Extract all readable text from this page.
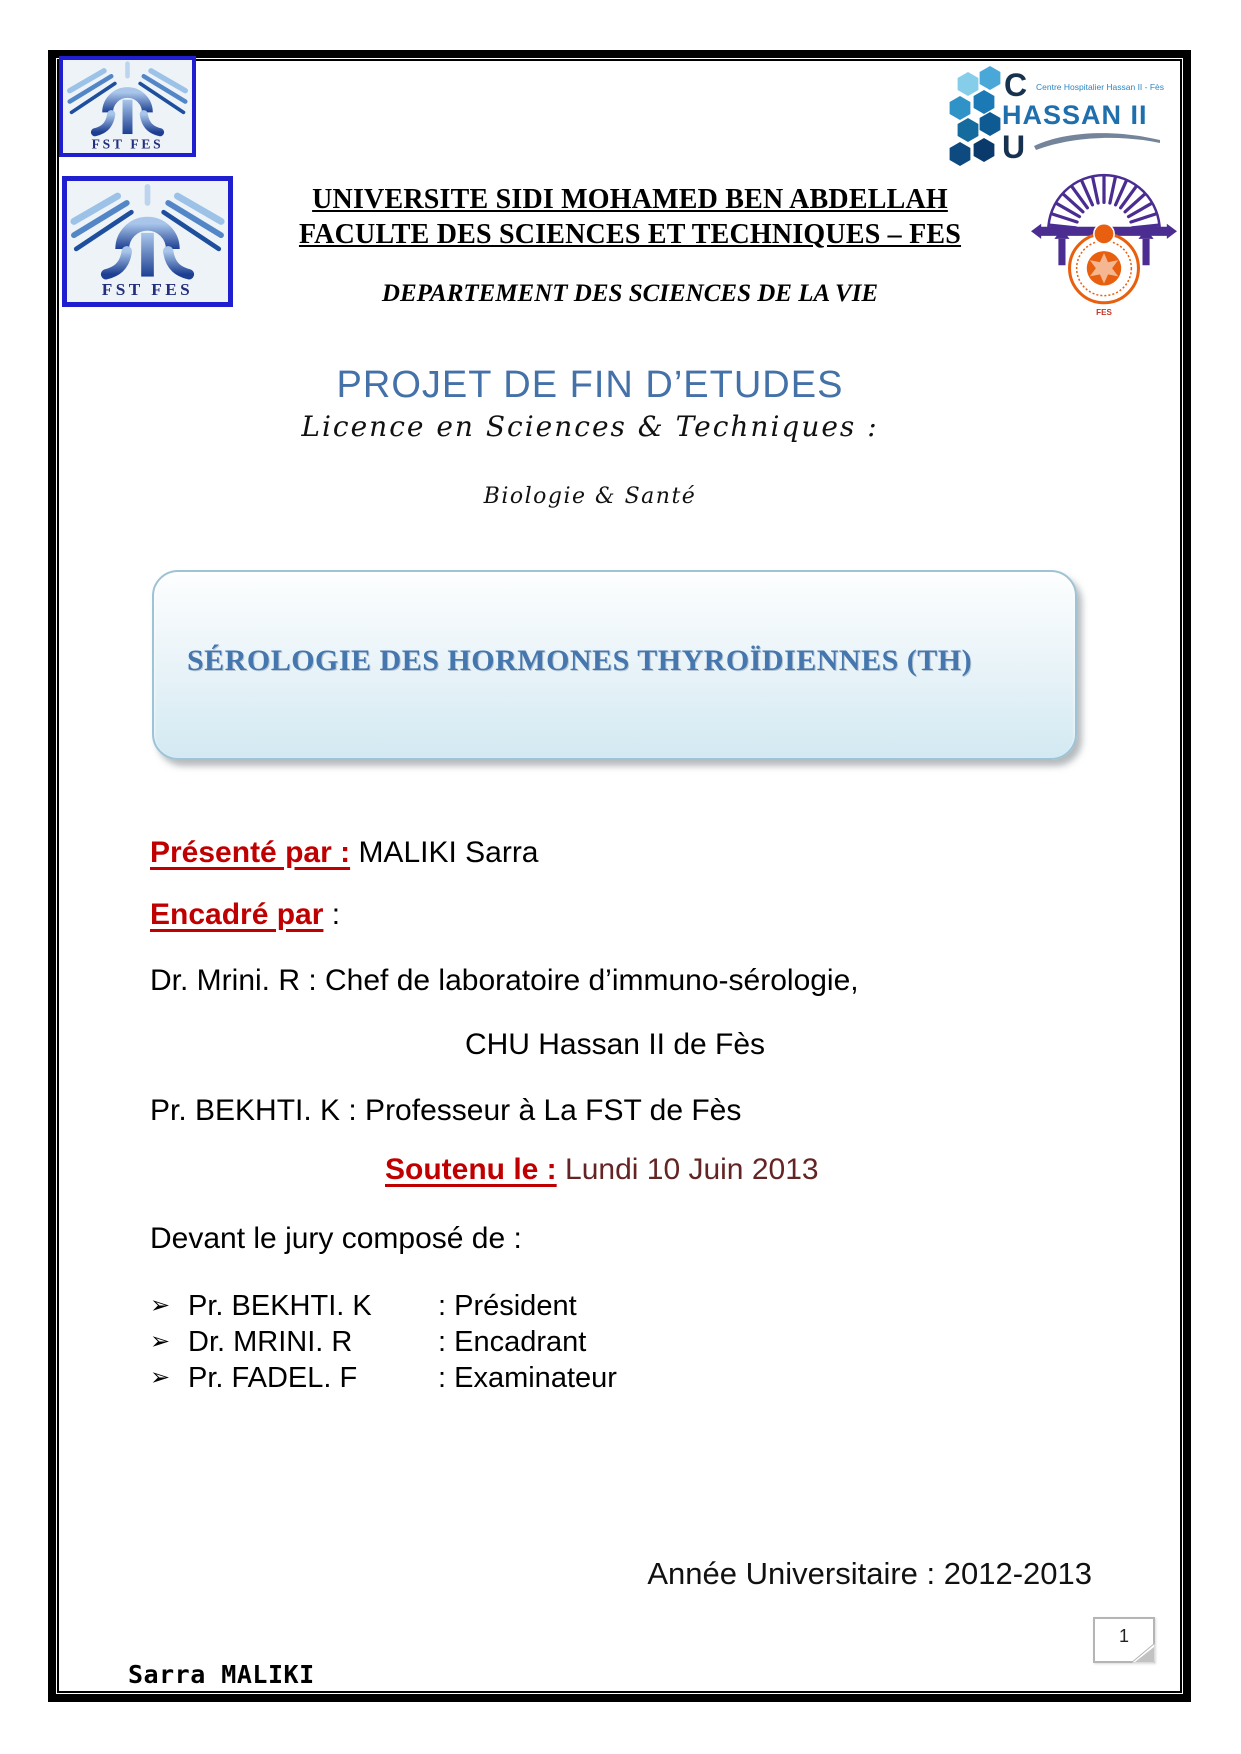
FST FES
FST FES
C Centre Hospitalier Hassan II - Fès
HASSAN II
U
FES
UNIVERSITE SIDI MOHAMED BEN ABDELLAH
FACULTE DES SCIENCES ET TECHNIQUES – FES
DEPARTEMENT DES SCIENCES DE LA VIE
PROJET DE FIN D’ETUDES
Licence en Sciences & Techniques :
Biologie & Santé
SÉROLOGIE DES HORMONES THYROÏDIENNES (TH)
Présenté par : MALIKI Sarra
Encadré par :
Dr. Mrini. R : Chef de laboratoire d’immuno-sérologie,
CHU Hassan II de Fès
Pr. BEKHTI. K : Professeur à La FST de Fès
Soutenu le : Lundi 10 Juin 2013
Devant le jury composé de :
➢ Pr. BEKHTI. K	: Président
➢ Dr. MRINI. R	: Encadrant
➢ Pr. FADEL. F	: Examinateur
Année Universitaire : 2012-2013
Sarra MALIKI
1
